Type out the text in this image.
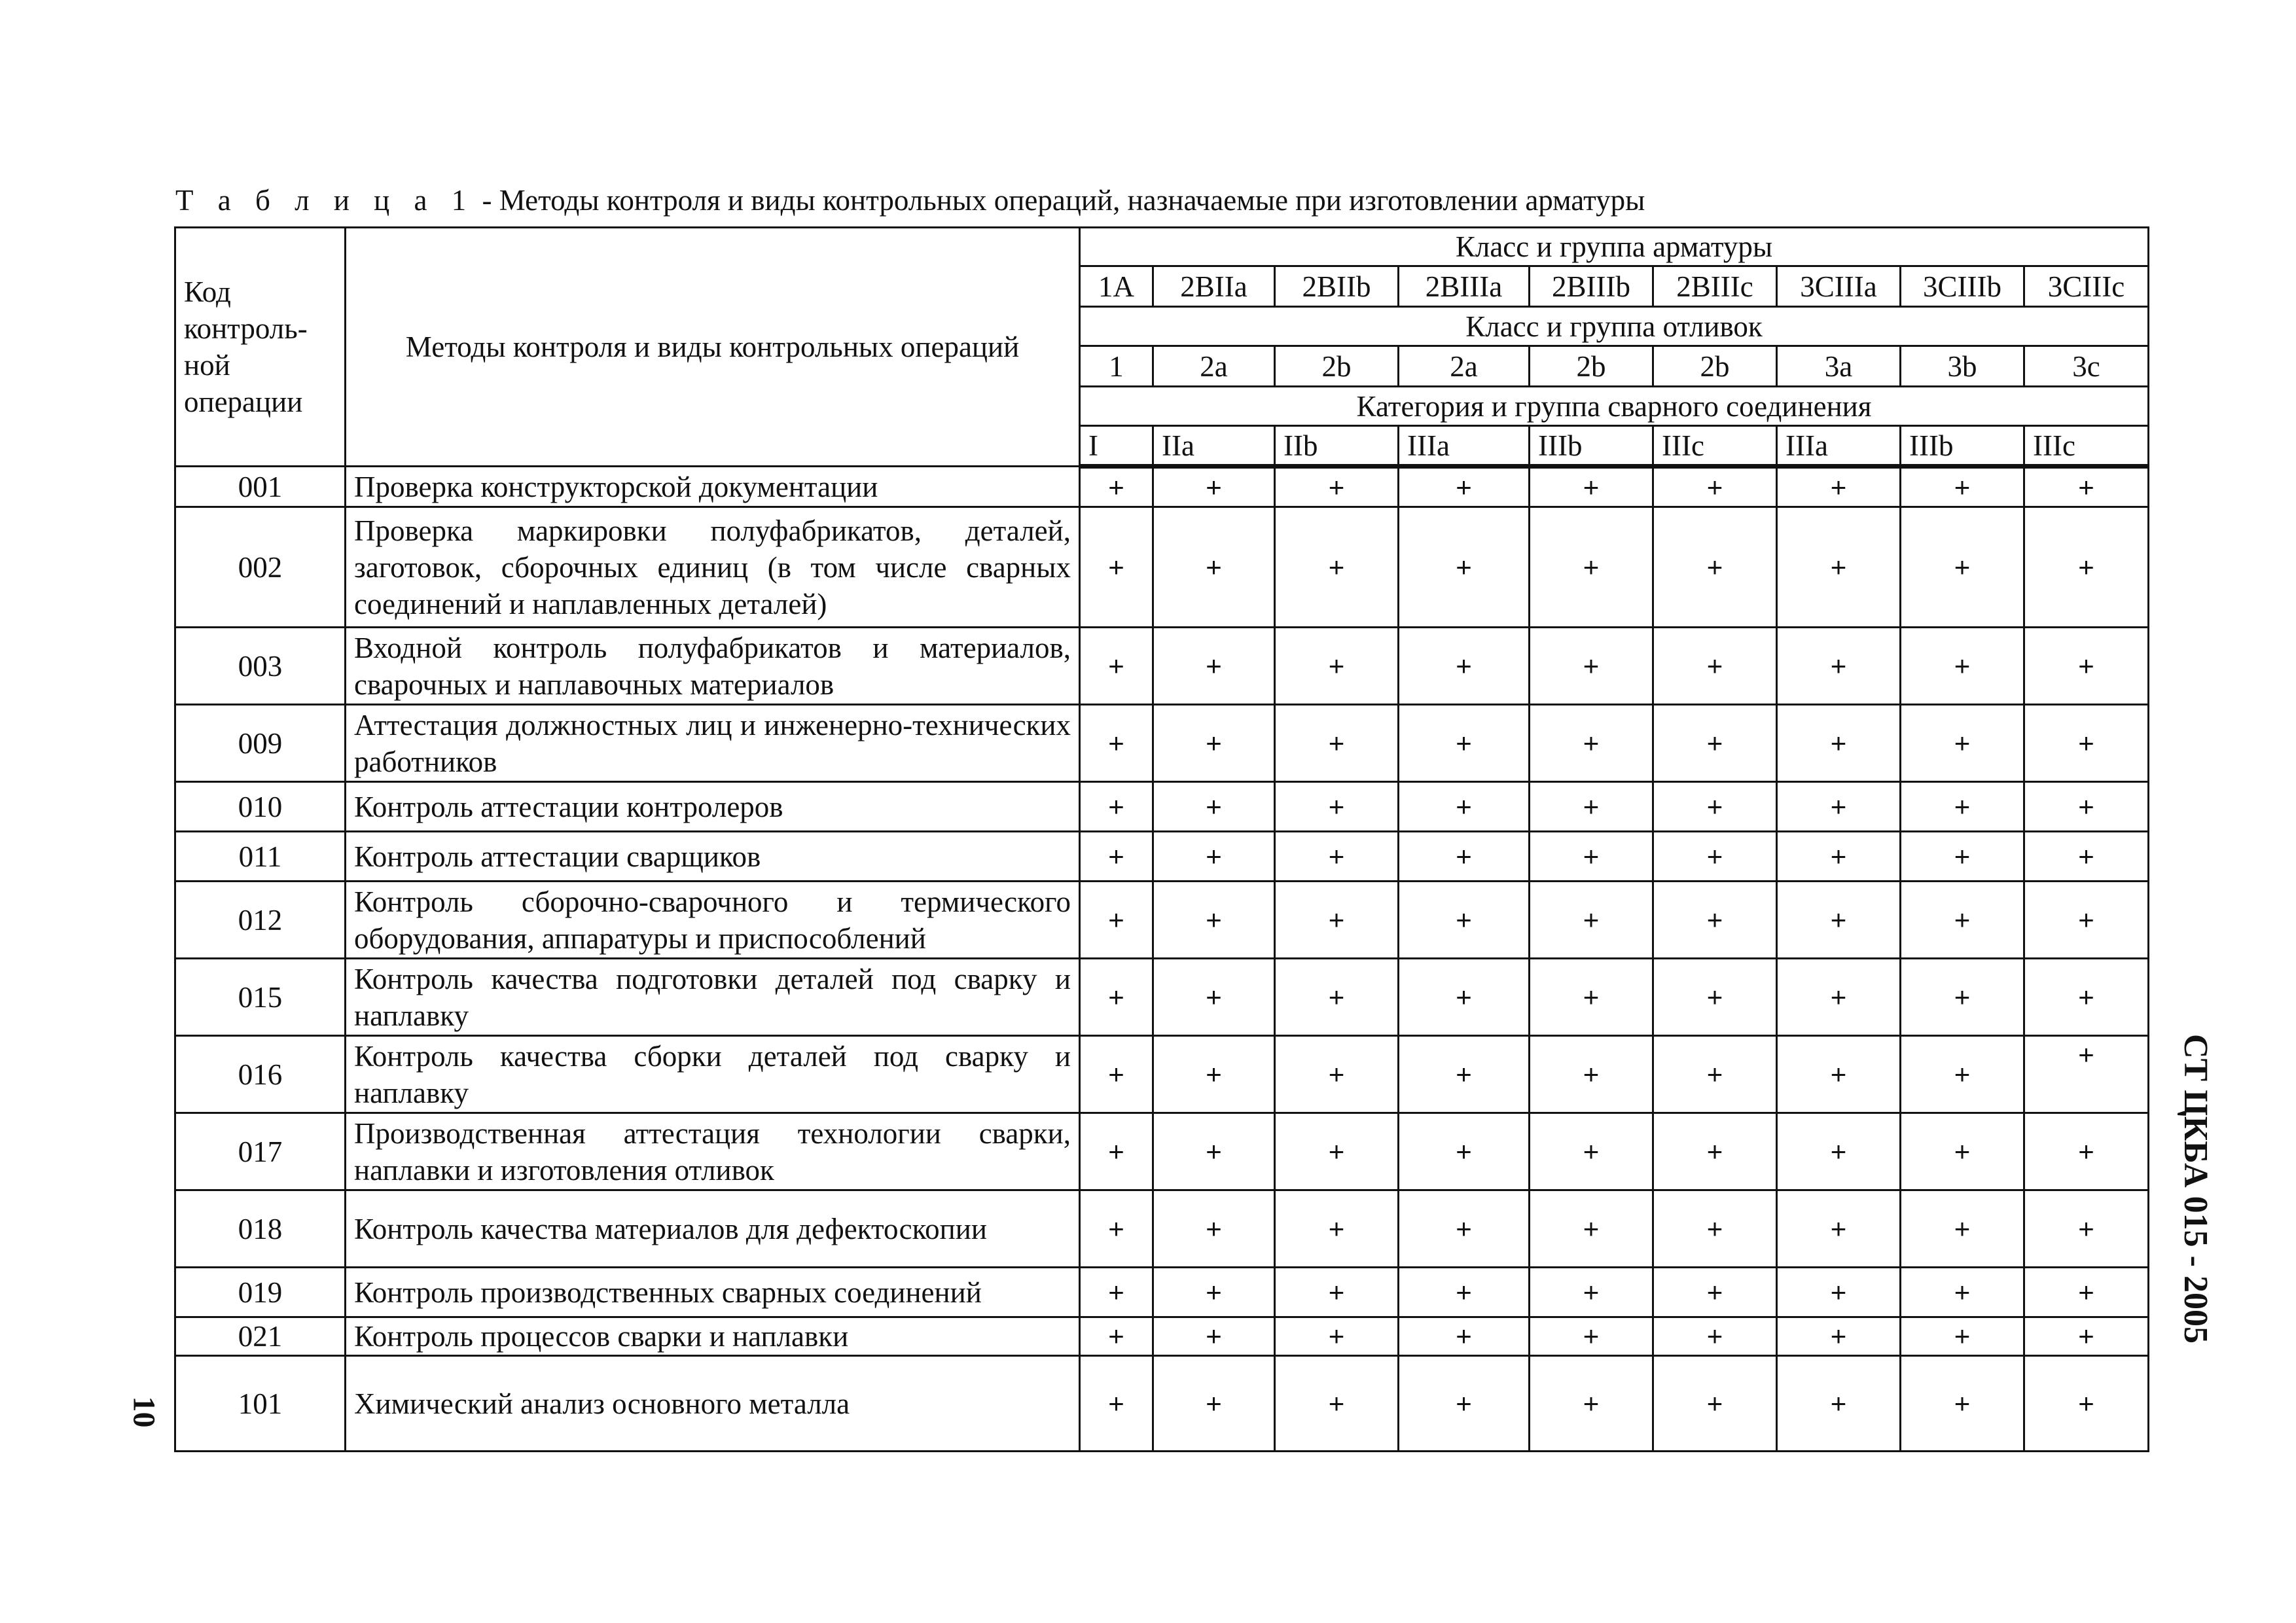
Т а б л и ц а 1 - Методы контроля и виды контрольных операций, назначаемые при изготовлении арматуры
Код контроль-ной операции	Методы контроля и виды контрольных операций	Класс и группа арматуры								
		1А	2ВIIа	2ВIIb	2ВIIIа	2ВIIIb	2ВIIIс	3СIIIа	3СIIIb	3СIIIс
		Класс и группа отливок								
		1	2а	2b	2а	2b	2b	3а	3b	3с
		Категория и группа сварного соединения								
		I	IIа	IIb	IIIа	IIIb	IIIс	IIIа	IIIb	IIIс
001	Проверка конструкторской документации	+	+	+	+	+	+	+	+	+
002	Проверка маркировки полуфабрикатов, деталей, заготовок, сборочных единиц (в том числе сварных соединений и наплавленных деталей)	+	+	+	+	+	+	+	+	+
003	Входной контроль полуфабрикатов и материалов, сварочных и наплавочных материалов	+	+	+	+	+	+	+	+	+
009	Аттестация должностных лиц и инженерно-технических работников	+	+	+	+	+	+	+	+	+
010	Контроль аттестации контролеров	+	+	+	+	+	+	+	+	+
011	Контроль аттестации сварщиков	+	+	+	+	+	+	+	+	+
012	Контроль сборочно-сварочного и термического оборудования, аппаратуры и приспособлений	+	+	+	+	+	+	+	+	+
015	Контроль качества подготовки деталей под сварку и наплавку	+	+	+	+	+	+	+	+	+
016	Контроль качества сборки деталей под сварку и наплавку	+	+	+	+	+	+	+	+	+
017	Производственная аттестация технологии сварки, наплавки и изготовления отливок	+	+	+	+	+	+	+	+	+
018	Контроль качества материалов для дефектоскопии	+	+	+	+	+	+	+	+	+
019	Контроль производственных сварных соединений	+	+	+	+	+	+	+	+	+
021	Контроль процессов сварки и наплавки	+	+	+	+	+	+	+	+	+
101	Химический анализ основного металла	+	+	+	+	+	+	+	+	+
10
СТ ЦКБА 015 - 2005
